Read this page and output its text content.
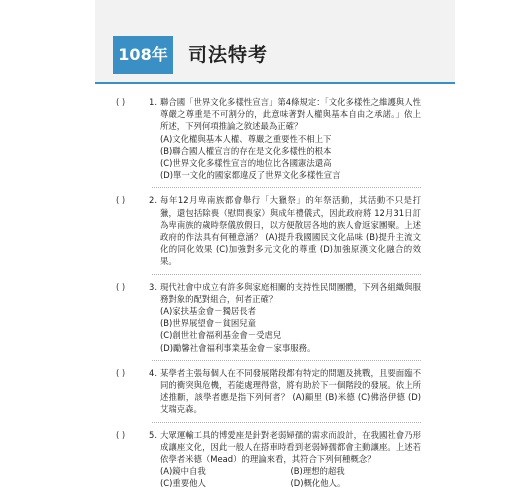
108年 司法特考
( )	1. 聯合國「世界文化多樣性宣言」第4條規定：「文化多樣性之維護與人性尊嚴之尊重是不可割分的，此意味著對人權與基本自由之承諾。」依上所述，下列何項推論之敘述最為正確？
(A)文化權與基本人權、尊嚴之重要性不相上下
(B)聯合國人權宣言的存在是文化多樣性的根本
(C)世界文化多樣性宣言的地位比各國憲法還高
(D)單一文化的國家都違反了世界文化多樣性宣言
( )	2. 每年12月卑南族都會舉行「大獵祭」的年祭活動，其活動不只是打獵，還包括除喪（慰問喪家）與成年禮儀式，因此政府將 12月31日訂為卑南族的歲時祭儀放假日，以方便散居各地的族人會返家團聚。上述政府的作法具有何種意涵？ (A)提升我國國民文化品味 (B)提升主流文化的同化效果 (C)加強對多元文化的尊重 (D)加強原漢文化融合的效果。
( )	3. 現代社會中成立有許多與家庭相關的支持性民間團體，下列各組織與服務對象的配對組合，何者正確？
(A)家扶基金會－獨居長者
(B)世界展望會－貧困兒童
(C)創世社會福利基金會－受虐兒
(D)勵馨社會福利事業基金會－家事服務。
( )	4. 某學者主張每個人在不同發展階段都有特定的問題及挑戰，且要面臨不同的衝突與危機，若能處理得當，將有助於下一個階段的發展。依上所述推斷，該學者應是指下列何者？ (A)顧里 (B)米德 (C)佛洛伊德 (D)艾瑞克森。
( )	5. 大眾運輸工具的博愛座是針對老弱婦孺的需求而設計，在我國社會乃形成讓座文化，因此一般人在搭車時看到老弱婦孺都會主動讓座。上述若依學者米德（Mead）的理論來看，其符合下列何種概念？
(A)鏡中自我	(B)理想的超我
(C)重要他人	(D)概化他人。
